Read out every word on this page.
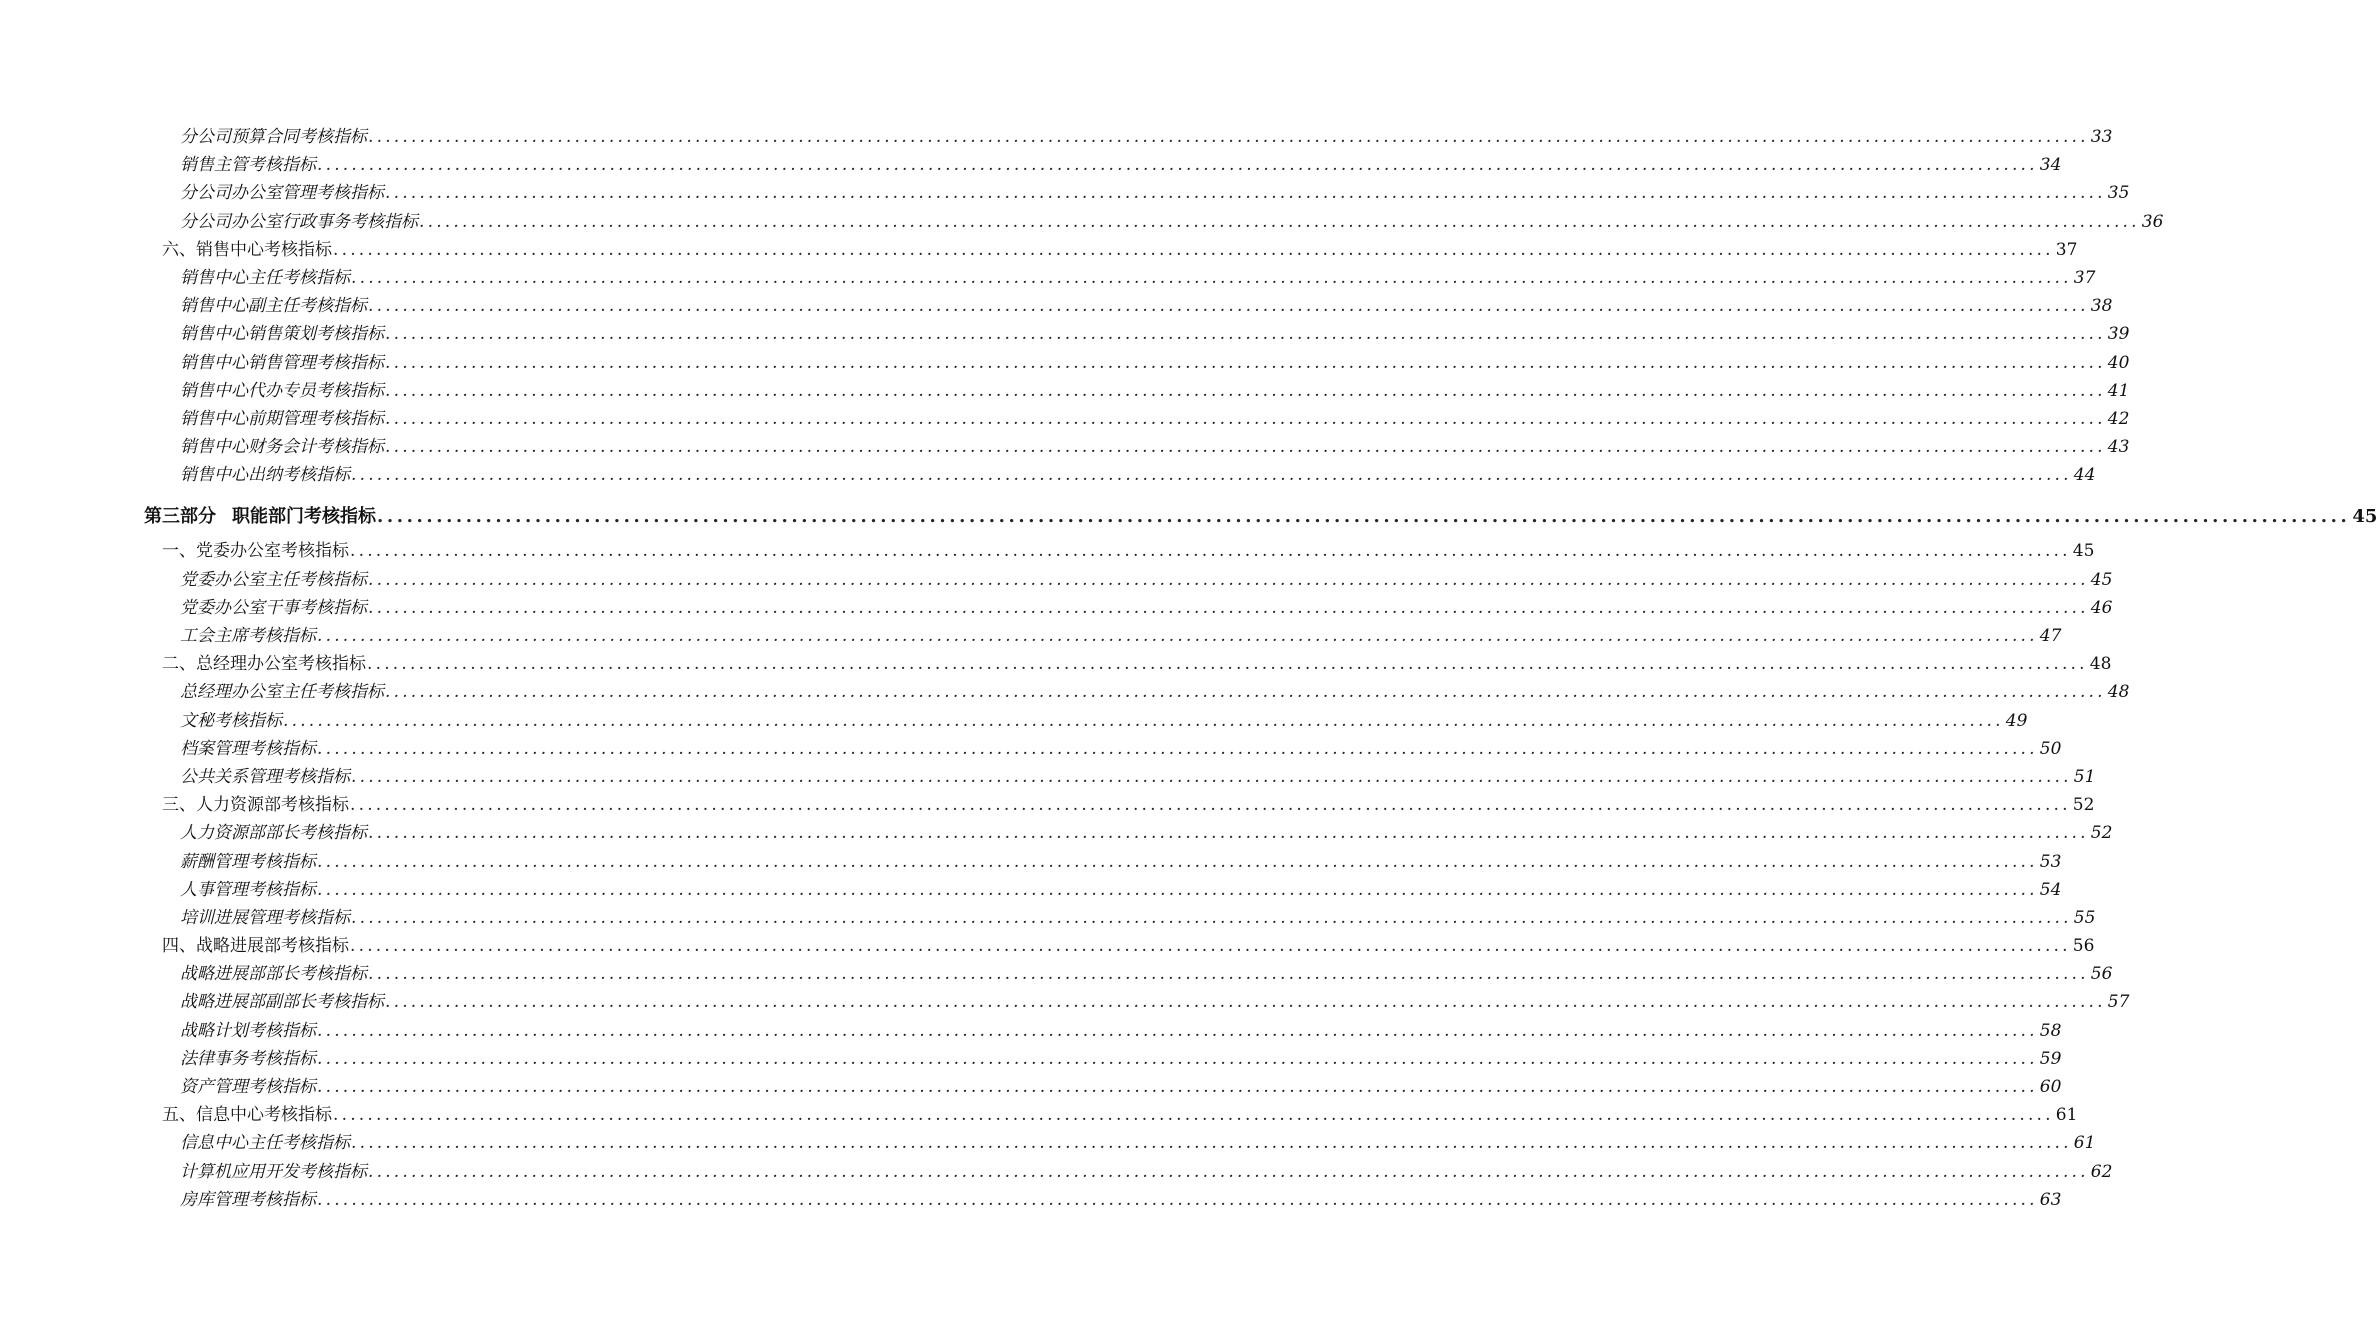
分公司预算合同考核指标 ........................................................................................................................................................................................................ 33
销售主管考核指标 ........................................................................................................................................................................................................ 34
分公司办公室管理考核指标 ........................................................................................................................................................................................................ 35
分公司办公室行政事务考核指标 ........................................................................................................................................................................................................ 36
六、销售中心考核指标 ........................................................................................................................................................................................................ 37
销售中心主任考核指标 ........................................................................................................................................................................................................ 37
销售中心副主任考核指标 ........................................................................................................................................................................................................ 38
销售中心销售策划考核指标 ........................................................................................................................................................................................................ 39
销售中心销售管理考核指标 ........................................................................................................................................................................................................ 40
销售中心代办专员考核指标 ........................................................................................................................................................................................................ 41
销售中心前期管理考核指标 ........................................................................................................................................................................................................ 42
销售中心财务会计考核指标 ........................................................................................................................................................................................................ 43
销售中心出纳考核指标 ........................................................................................................................................................................................................ 44
第三部分 职能部门考核指标 ........................................................................................................................................................................................................ 45
一、党委办公室考核指标 ........................................................................................................................................................................................................ 45
党委办公室主任考核指标 ........................................................................................................................................................................................................ 45
党委办公室干事考核指标 ........................................................................................................................................................................................................ 46
工会主席考核指标 ........................................................................................................................................................................................................ 47
二、总经理办公室考核指标 ........................................................................................................................................................................................................ 48
总经理办公室主任考核指标 ........................................................................................................................................................................................................ 48
文秘考核指标 ........................................................................................................................................................................................................ 49
档案管理考核指标 ........................................................................................................................................................................................................ 50
公共关系管理考核指标 ........................................................................................................................................................................................................ 51
三、人力资源部考核指标 ........................................................................................................................................................................................................ 52
人力资源部部长考核指标 ........................................................................................................................................................................................................ 52
薪酬管理考核指标 ........................................................................................................................................................................................................ 53
人事管理考核指标 ........................................................................................................................................................................................................ 54
培训进展管理考核指标 ........................................................................................................................................................................................................ 55
四、战略进展部考核指标 ........................................................................................................................................................................................................ 56
战略进展部部长考核指标 ........................................................................................................................................................................................................ 56
战略进展部副部长考核指标 ........................................................................................................................................................................................................ 57
战略计划考核指标 ........................................................................................................................................................................................................ 58
法律事务考核指标 ........................................................................................................................................................................................................ 59
资产管理考核指标 ........................................................................................................................................................................................................ 60
五、信息中心考核指标 ........................................................................................................................................................................................................ 61
信息中心主任考核指标 ........................................................................................................................................................................................................ 61
计算机应用开发考核指标 ........................................................................................................................................................................................................ 62
房库管理考核指标 ........................................................................................................................................................................................................ 63
